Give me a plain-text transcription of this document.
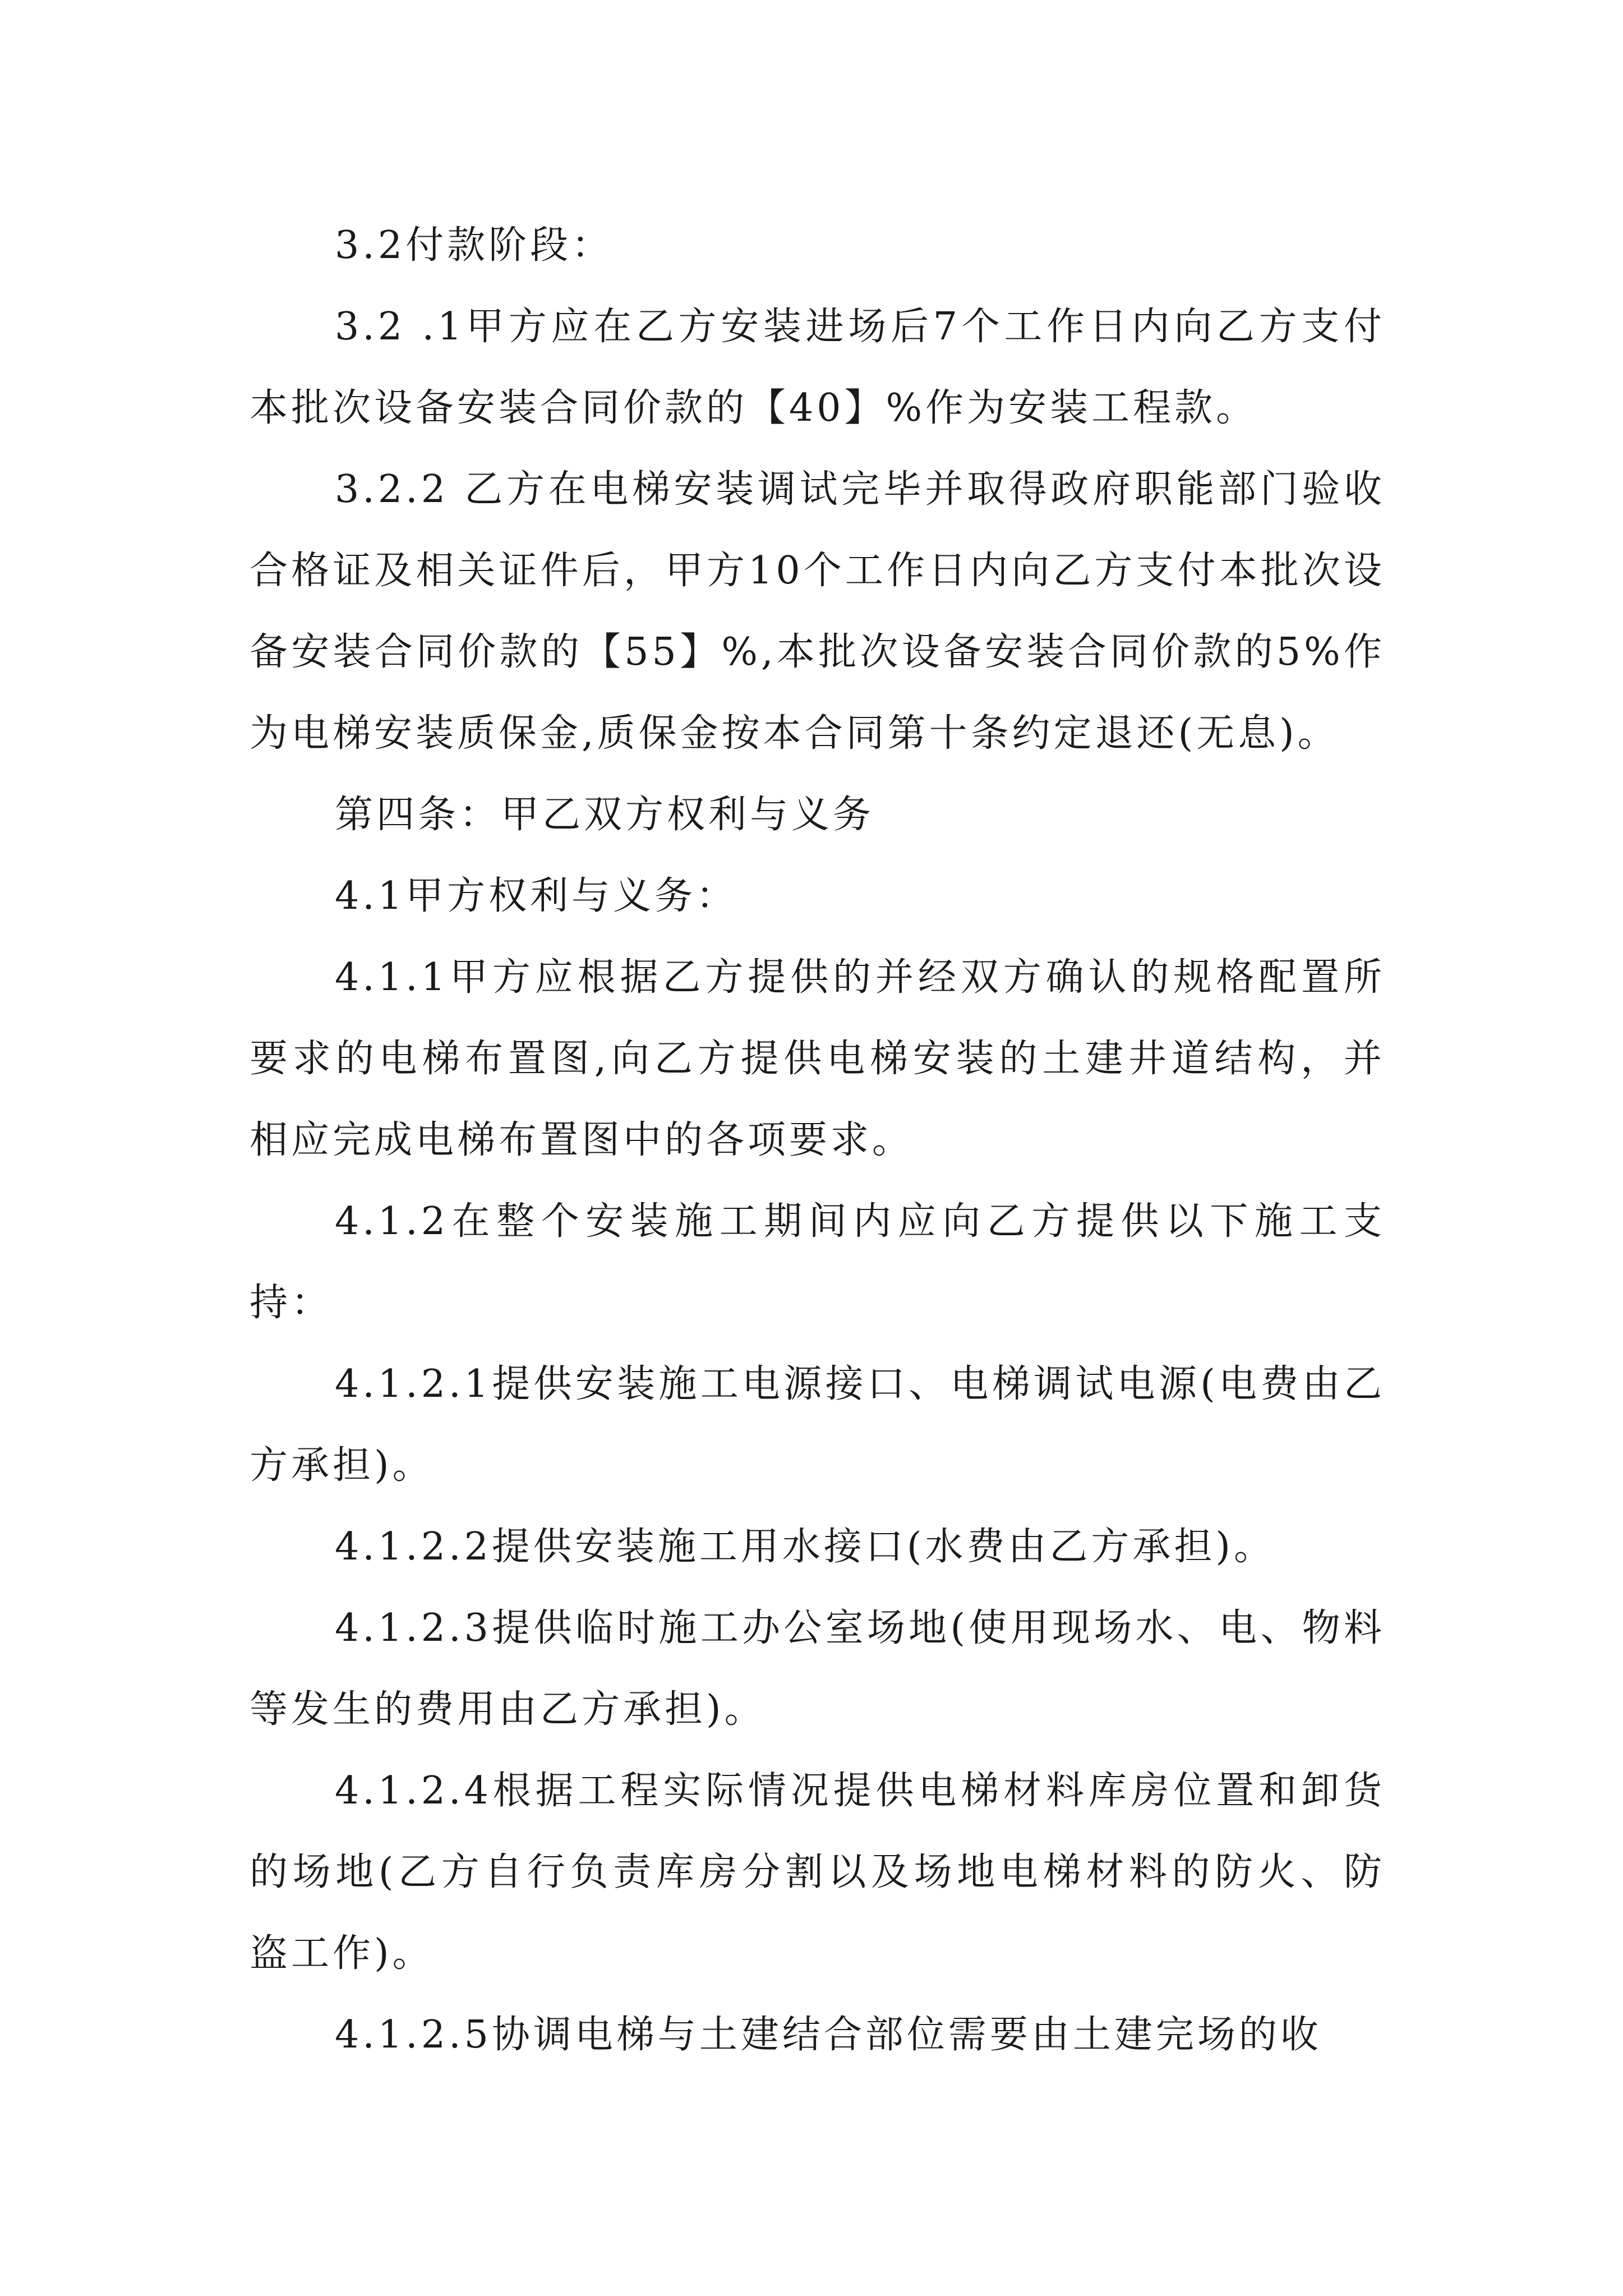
3.2付款阶段：

3.2 .1甲方应在乙方安装进场后7个工作日内向乙方支付本批次设备安装合同价款的【40】%作为安装工程款。

3.2.2 乙方在电梯安装调试完毕并取得政府职能部门验收合格证及相关证件后，甲方10个工作日内向乙方支付本批次设备安装合同价款的【55】%,本批次设备安装合同价款的5%作为电梯安装质保金,质保金按本合同第十条约定退还(无息)。

第四条：甲乙双方权利与义务

4.1甲方权利与义务：

4.1.1甲方应根据乙方提供的并经双方确认的规格配置所要求的电梯布置图,向乙方提供电梯安装的土建井道结构，并相应完成电梯布置图中的各项要求。

4.1.2在整个安装施工期间内应向乙方提供以下施工支持：

4.1.2.1提供安装施工电源接口、电梯调试电源(电费由乙方承担)。

4.1.2.2提供安装施工用水接口(水费由乙方承担)。

4.1.2.3提供临时施工办公室场地(使用现场水、电、物料等发生的费用由乙方承担)。

4.1.2.4根据工程实际情况提供电梯材料库房位置和卸货的场地(乙方自行负责库房分割以及场地电梯材料的防火、防盗工作)。

4.1.2.5协调电梯与土建结合部位需要由土建完场的收
